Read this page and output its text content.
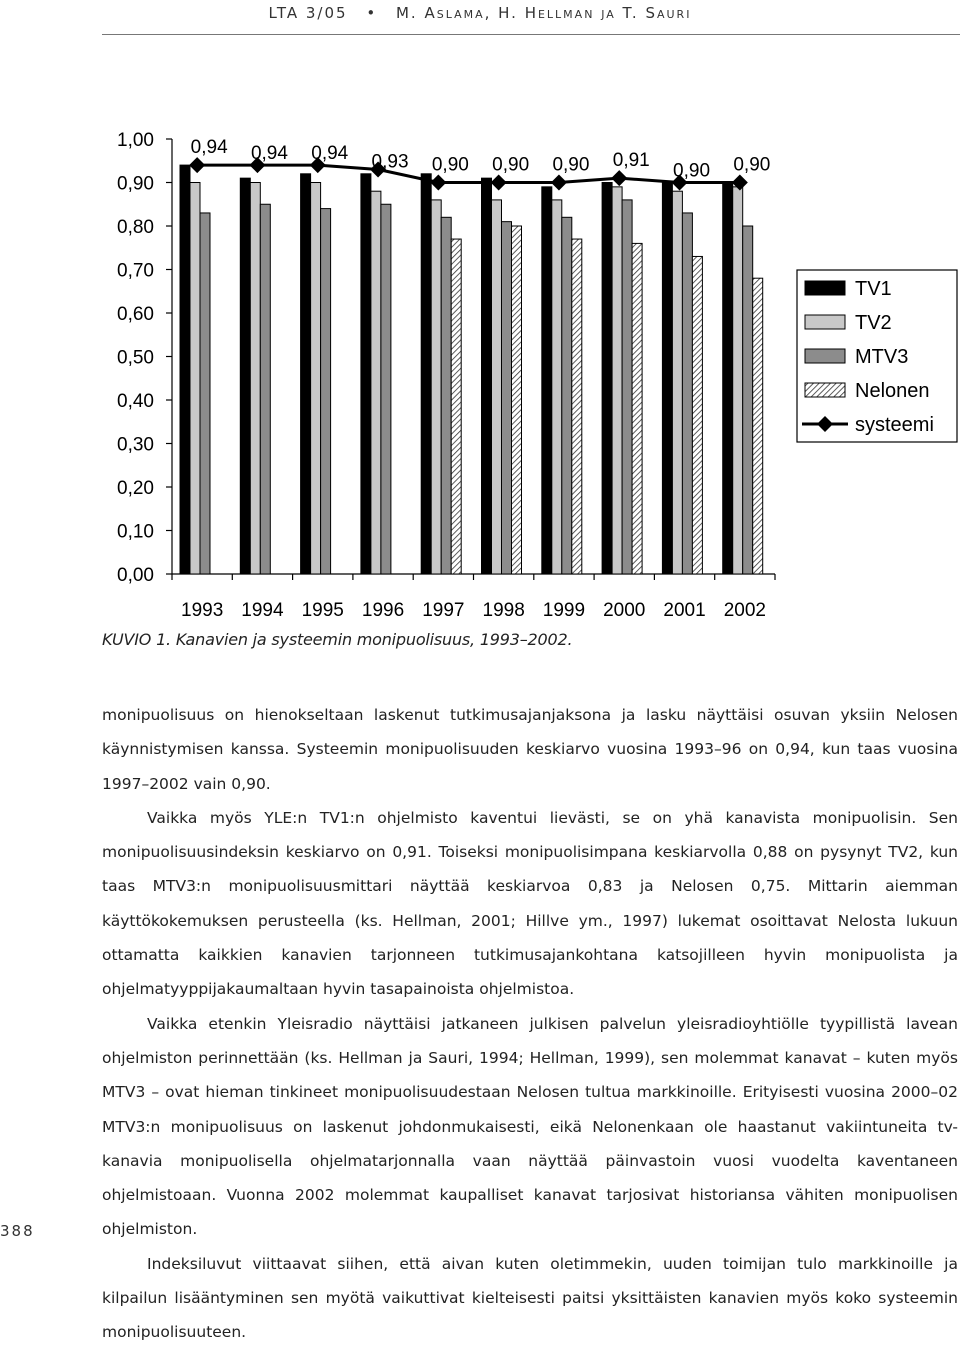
LTA 3/05 • M. Aslama, H. Hellman ja T. Sauri
0,00
0,10
0,20
0,30
0,40
0,50
0,60
0,70
0,80
0,90
1,00
1993 1994 1995 1996 1997 1998 1999 2000 2001 2002
0,94 0,94 0,94 0,93 0,90 0,90 0,90 0,91 0,90 0,90
TV1
TV2
MTV3
Nelonen
systeemi
KUVIO 1. Kanavien ja systeemin monipuolisuus, 1993–2002.

monipuolisuus on hienokseltaan laskenut tutkimusajanjaksona ja lasku näyttäisi osuvan yksiin Nelosen käynnistymisen kanssa. Systeemin monipuolisuuden keskiarvo vuosina 1993–96 on 0,94, kun taas vuosina 1997–2002 vain 0,90.

Vaikka myös YLE:n TV1:n ohjelmisto kaventui lievästi, se on yhä kanavista monipuolisin. Sen monipuolisuusindeksin keskiarvo on 0,91. Toiseksi monipuolisimpana keskiarvolla 0,88 on pysynyt TV2, kun taas MTV3:n monipuolisuusmittari näyttää keskiarvoa 0,83 ja Nelosen 0,75. Mittarin aiemman käyttökokemuksen perusteella (ks. Hellman, 2001; Hillve ym., 1997) lukemat osoittavat Nelosta lukuun ottamatta kaikkien kanavien tarjonneen tutkimusajankohtana katsojilleen hyvin monipuolista ja ohjelmatyyppijakaumaltaan hyvin tasapainoista ohjelmistoa.

Vaikka etenkin Yleisradio näyttäisi jatkaneen julkisen palvelun yleisradioyhtiölle tyypillistä lavean ohjelmiston perinnettään (ks. Hellman ja Sauri, 1994; Hellman, 1999), sen molemmat kanavat – kuten myös MTV3 – ovat hieman tinkineet monipuolisuudestaan Nelosen tultua markkinoille. Erityisesti vuosina 2000–02 MTV3:n monipuolisuus on laskenut johdonmukaisesti, eikä Nelonenkaan ole haastanut vakiintuneita tv-kanavia monipuolisella ohjelmatarjonnalla vaan näyttää päinvastoin vuosi vuodelta kaventaneen ohjelmistoaan. Vuonna 2002 molemmat kaupalliset kanavat tarjosivat historiansa vähiten monipuolisen ohjelmiston.

Indeksiluvut viittaavat siihen, että aivan kuten oletimmekin, uuden toimijan tulo markkinoille ja kilpailun lisääntyminen sen myötä vaikuttivat kielteisesti paitsi yksittäisten kanavien myös koko systeemin monipuolisuuteen.

388
